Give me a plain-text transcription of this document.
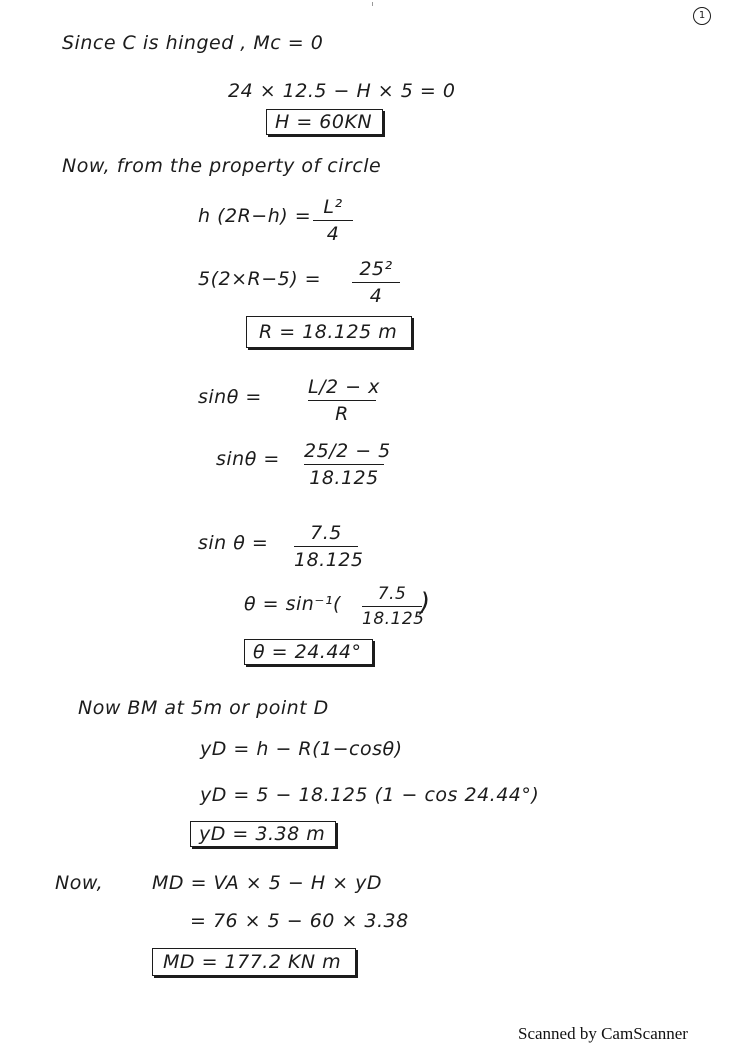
1
Since C is hinged , Mc = 0
24 × 12.5 − H × 5 = 0
H = 60KN
Now, from the property of circle
h (2R−h) = L²
4
5(2×R−5) =	25²
4
R = 18.125 m
sinθ = L/2 − x
R
sinθ = 25/2 − 5
18.125
sin θ =	7.5
18.125
θ = sin⁻¹(	7.5
18.125
)
θ = 24.44°
Now BM at 5m or point D
yD = h − R(1−cosθ)
yD = 5 − 18.125 (1 − cos 24.44°)
yD = 3.38 m
Now,	MD = VA × 5 − H × yD
= 76 × 5 − 60 × 3.38
MD = 177.2 KN m
Scanned by CamScanner
